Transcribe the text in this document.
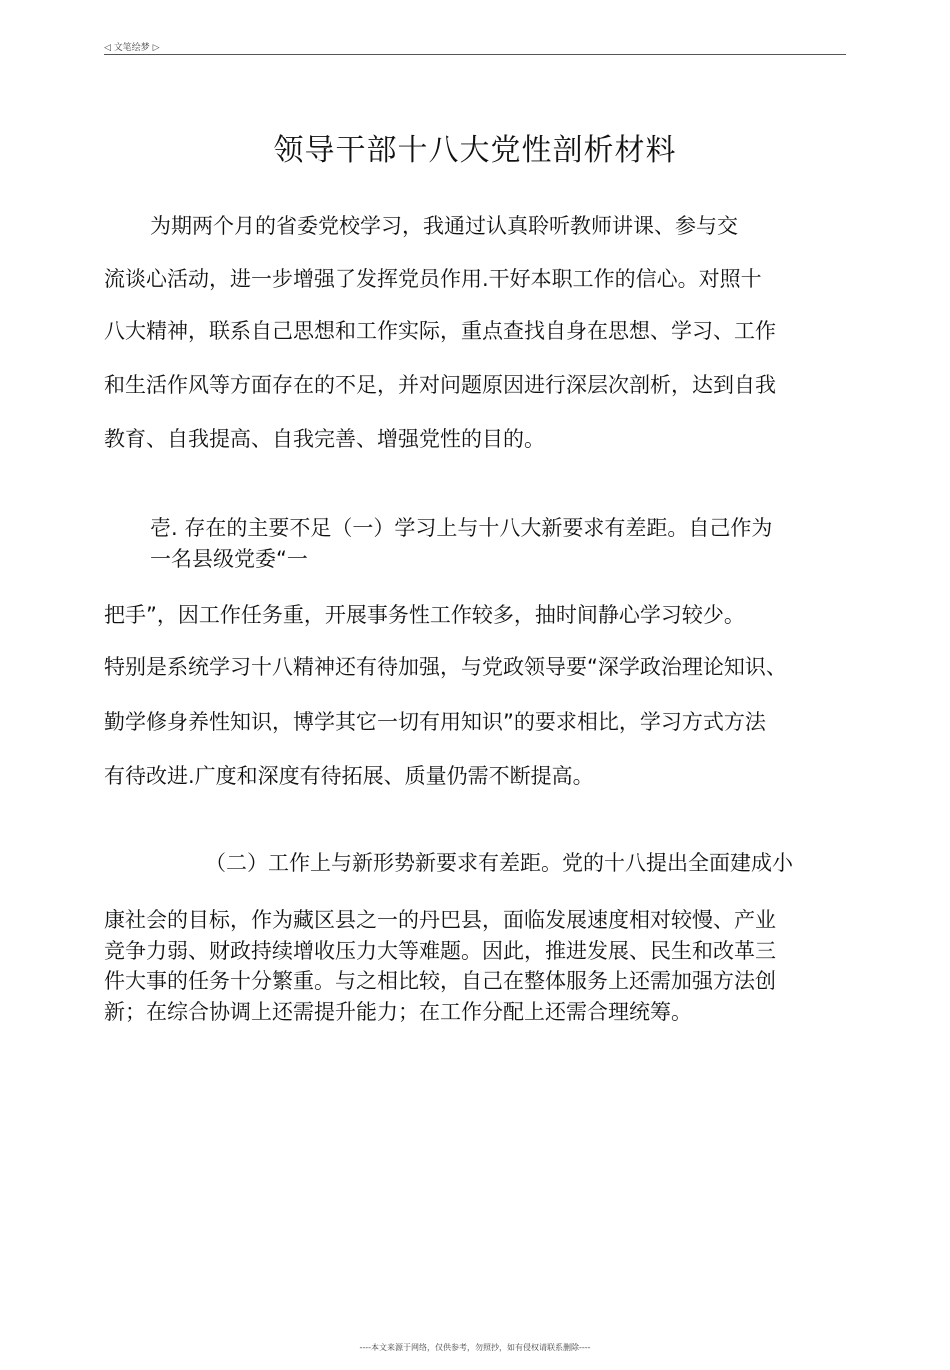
◁ 文笔绘梦 ▷
领导干部十八大党性剖析材料
为期两个月的省委党校学习，我通过认真聆听教师讲课、参与交
流谈心活动，进一步增强了发挥党员作用.干好本职工作的信心。对照十
八大精神，联系自己思想和工作实际，重点查找自身在思想、学习、工作
和生活作风等方面存在的不足，并对问题原因进行深层次剖析，达到自我
教育、自我提高、自我完善、增强党性的目的。
壱. 存在的主要不足（一）学习上与十八大新要求有差距。自己作为
一名县级党委“一
把手”，因工作任务重，开展事务性工作较多，抽时间静心学习较少。
特别是系统学习十八精神还有待加强，与党政领导要“深学政治理论知识、
勤学修身养性知识，博学其它一切有用知识”的要求相比，学习方式方法
有待改进.广度和深度有待拓展、质量仍需不断提高。
（二）工作上与新形势新要求有差距。党的十八提出全面建成小
康社会的目标，作为藏区县之一的丹巴县，面临发展速度相对较慢、产业
竞争力弱、财政持续增收压力大等难题。因此，推进发展、民生和改革三
件大事的任务十分繁重。与之相比较，自己在整体服务上还需加强方法创
新；在综合协调上还需提升能力；在工作分配上还需合理统筹。
----本文来源于网络，仅供参考，勿照抄，如有侵权请联系删除----
